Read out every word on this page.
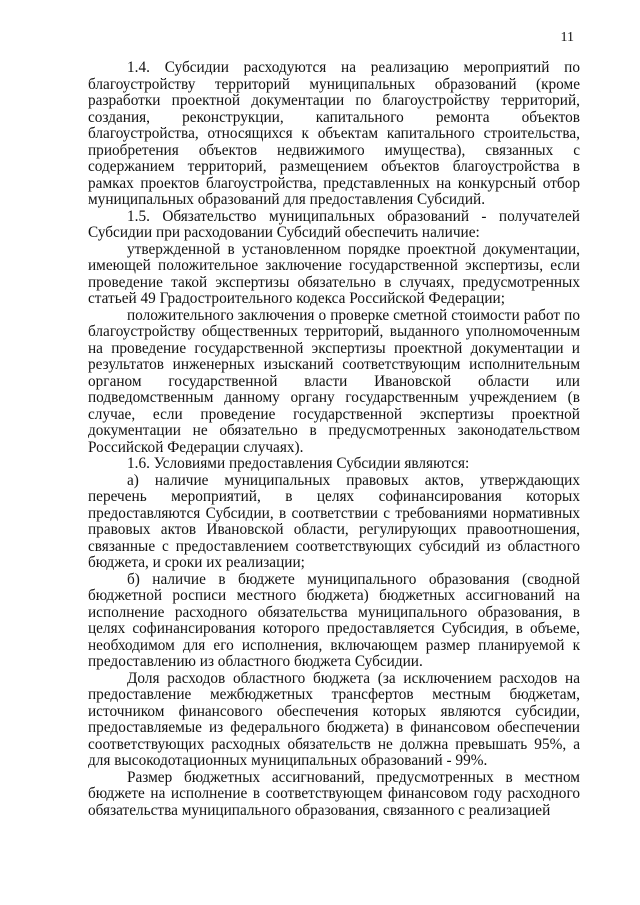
11

1.4. Субсидии расходуются на реализацию мероприятий по благоустройству территорий муниципальных образований (кроме разработки проектной документации по благоустройству территорий, создания, реконструкции, капитального ремонта объектов благоустройства, относящихся к объектам капитального строительства, приобретения объектов недвижимого имущества), связанных с содержанием территорий, размещением объектов благоустройства в рамках проектов благоустройства, представленных на конкурсный отбор муниципальных образований для предоставления Субсидий.

1.5. Обязательство муниципальных образований - получателей Субсидии при расходовании Субсидий обеспечить наличие:

утвержденной в установленном порядке проектной документации, имеющей положительное заключение государственной экспертизы, если проведение такой экспертизы обязательно в случаях, предусмотренных статьей 49 Градостроительного кодекса Российской Федерации;

положительного заключения о проверке сметной стоимости работ по благоустройству общественных территорий, выданного уполномоченным на проведение государственной экспертизы проектной документации и результатов инженерных изысканий соответствующим исполнительным органом государственной власти Ивановской области или подведомственным данному органу государственным учреждением (в случае, если проведение государственной экспертизы проектной документации не обязательно в предусмотренных законодательством Российской Федерации случаях).

1.6. Условиями предоставления Субсидии являются:

а) наличие муниципальных правовых актов, утверждающих перечень мероприятий, в целях софинансирования которых предоставляются Субсидии, в соответствии с требованиями нормативных правовых актов Ивановской области, регулирующих правоотношения, связанные с предоставлением соответствующих субсидий из областного бюджета, и сроки их реализации;

б) наличие в бюджете муниципального образования (сводной бюджетной росписи местного бюджета) бюджетных ассигнований на исполнение расходного обязательства муниципального образования, в целях софинансирования которого предоставляется Субсидия, в объеме, необходимом для его исполнения, включающем размер планируемой к предоставлению из областного бюджета Субсидии.

Доля расходов областного бюджета (за исключением расходов на предоставление межбюджетных трансфертов местным бюджетам, источником финансового обеспечения которых являются субсидии, предоставляемые из федерального бюджета) в финансовом обеспечении соответствующих расходных обязательств не должна превышать 95%, а для высокодотационных муниципальных образований - 99%.

Размер бюджетных ассигнований, предусмотренных в местном бюджете на исполнение в соответствующем финансовом году расходного обязательства муниципального образования, связанного с реализацией
